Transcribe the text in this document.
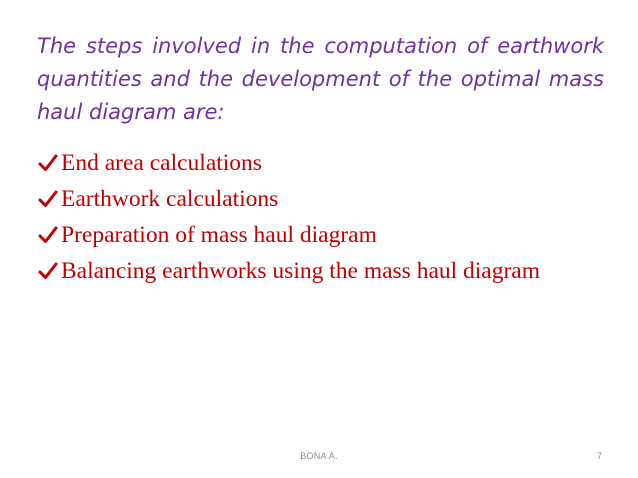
The steps involved in the computation of earthwork quantities and the development of the optimal mass haul diagram are:

End area calculations
Earthwork calculations
Preparation of mass haul diagram
Balancing earthworks using the mass haul diagram
BONA A.	7
